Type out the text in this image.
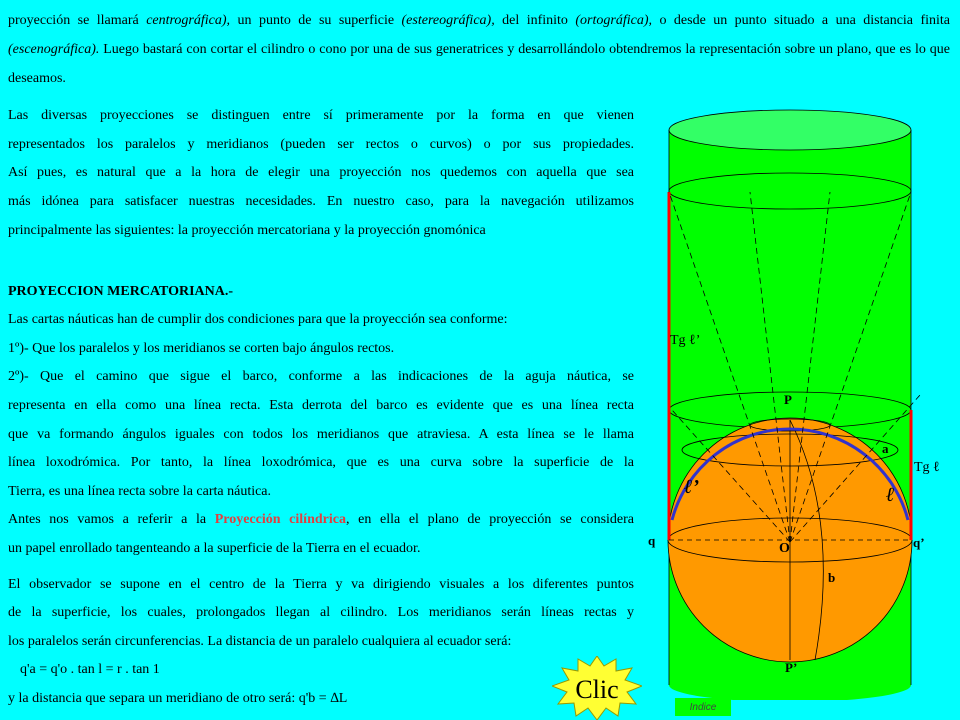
proyección se llamará centrográfica), un punto de su superficie (estereográfica), del infinito (ortográfica), o desde un punto situado a una distancia finita (escenográfica). Luego bastará con cortar el cilindro o cono por una de sus generatrices y desarrollándolo obtendremos la representación sobre un plano, que es lo que deseamos.
Las diversas proyecciones se distinguen entre sí primeramente por la forma en que vienen
representados los paralelos y meridianos (pueden ser rectos o curvos) o por sus propiedades.
Así pues, es natural que a la hora de elegir una proyección nos quedemos con aquella que sea
más idónea para satisfacer nuestras necesidades. En nuestro caso, para la navegación utilizamos
principalmente las siguientes: la proyección mercatoriana y la proyección gnomónica
PROYECCION MERCATORIANA.-
Las cartas náuticas han de cumplir dos condiciones para que la proyección sea conforme:
1º)- Que los paralelos y los meridianos se corten bajo ángulos rectos.
2º)- Que el camino que sigue el barco, conforme a las indicaciones de la aguja náutica, se
representa en ella como una línea recta. Esta derrota del barco es evidente que es una línea recta
que va formando ángulos iguales con todos los meridianos que atraviesa. A esta línea se le llama
línea loxodrómica. Por tanto, la línea loxodrómica, que es una curva sobre la superficie de la
Tierra, es una línea recta sobre la carta náutica.
Antes nos vamos a referir a la Proyección cilíndrica, en ella el plano de proyección se considera
un papel enrollado tangenteando a la superficie de la Tierra en el ecuador.
El observador se supone en el centro de la Tierra y va dirigiendo visuales a los diferentes puntos
de la superficie, los cuales, prolongados llegan al cilindro. Los meridianos serán líneas rectas y
los paralelos serán circunferencias. La distancia de un paralelo cualquiera al ecuador será:
q'a = q'o . tan l = r . tan 1
y la distancia que separa un meridiano de otro será: q'b = ∆L
Tg ℓ’
Tg ℓ
P
P’
a
b
O
q	q’
ℓ’	ℓ
Clic
Indice
